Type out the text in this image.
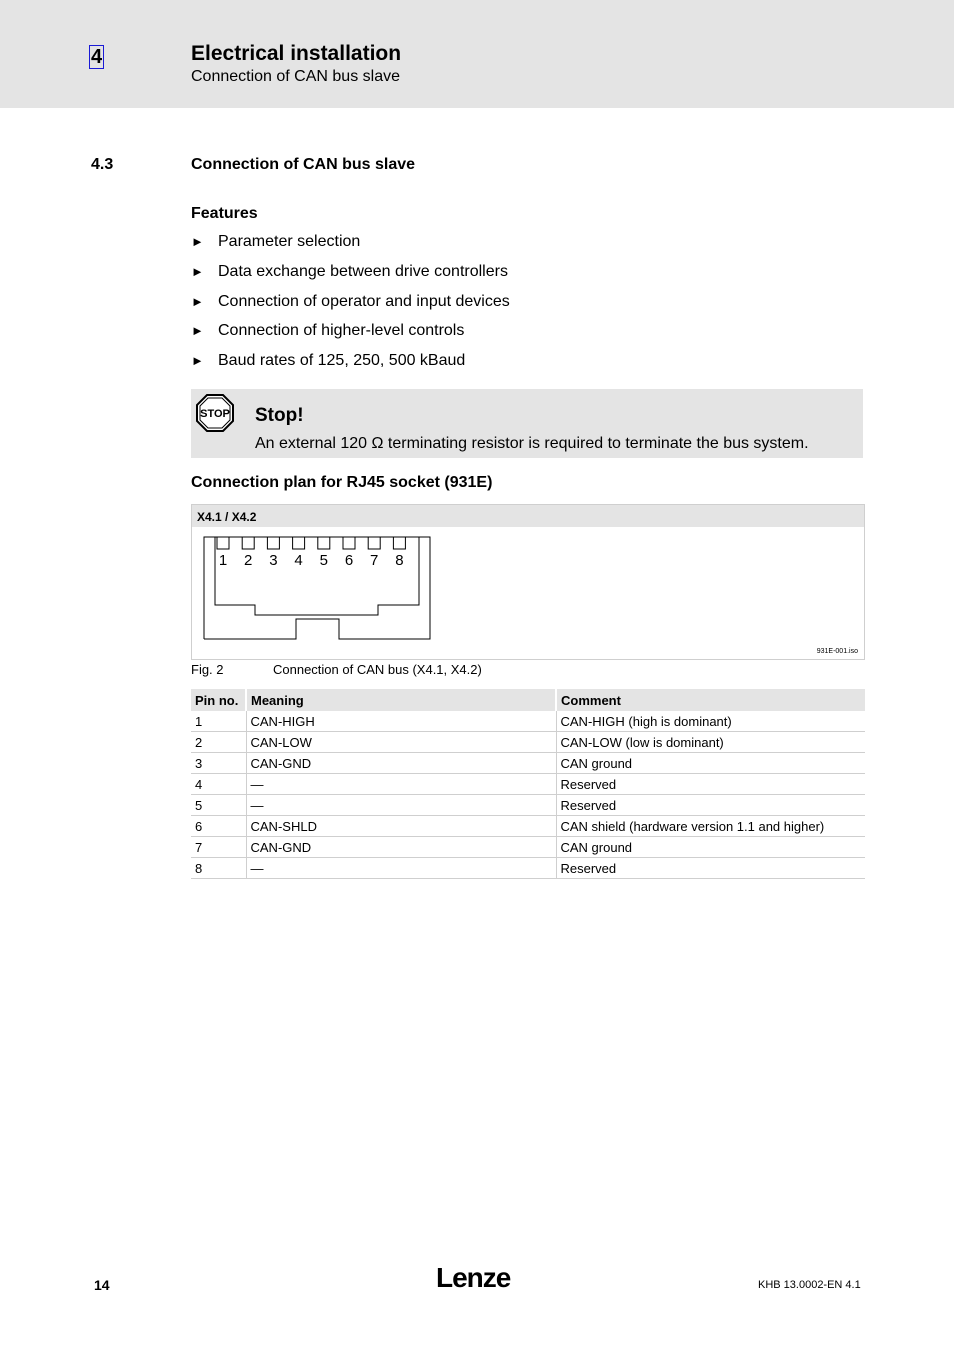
4	Electrical installation
Connection of CAN bus slave
4.3	Connection of CAN bus slave
Features
► Parameter selection
► Data exchange between drive controllers
► Connection of operator and input devices
► Connection of higher-level controls
► Baud rates of 125, 250, 500 kBaud
STOP Stop!
An external 120 Ω terminating resistor is required to terminate the bus system.
Connection plan for RJ45 socket (931E)
X4.1 / X4.2
1 2 3 4 5 6 7 8
931E-001.iso
Fig. 2	Connection of CAN bus (X4.1, X4.2)
Pin no.	Meaning	Comment
1	CAN-HIGH	CAN-HIGH (high is dominant)
2	CAN-LOW	CAN-LOW (low is dominant)
3	CAN-GND	CAN ground
4	—	Reserved
5	—	Reserved
6	CAN-SHLD	CAN shield (hardware version 1.1 and higher)
7	CAN-GND	CAN ground
8	—	Reserved
14	Lenze	KHB 13.0002-EN 4.1
